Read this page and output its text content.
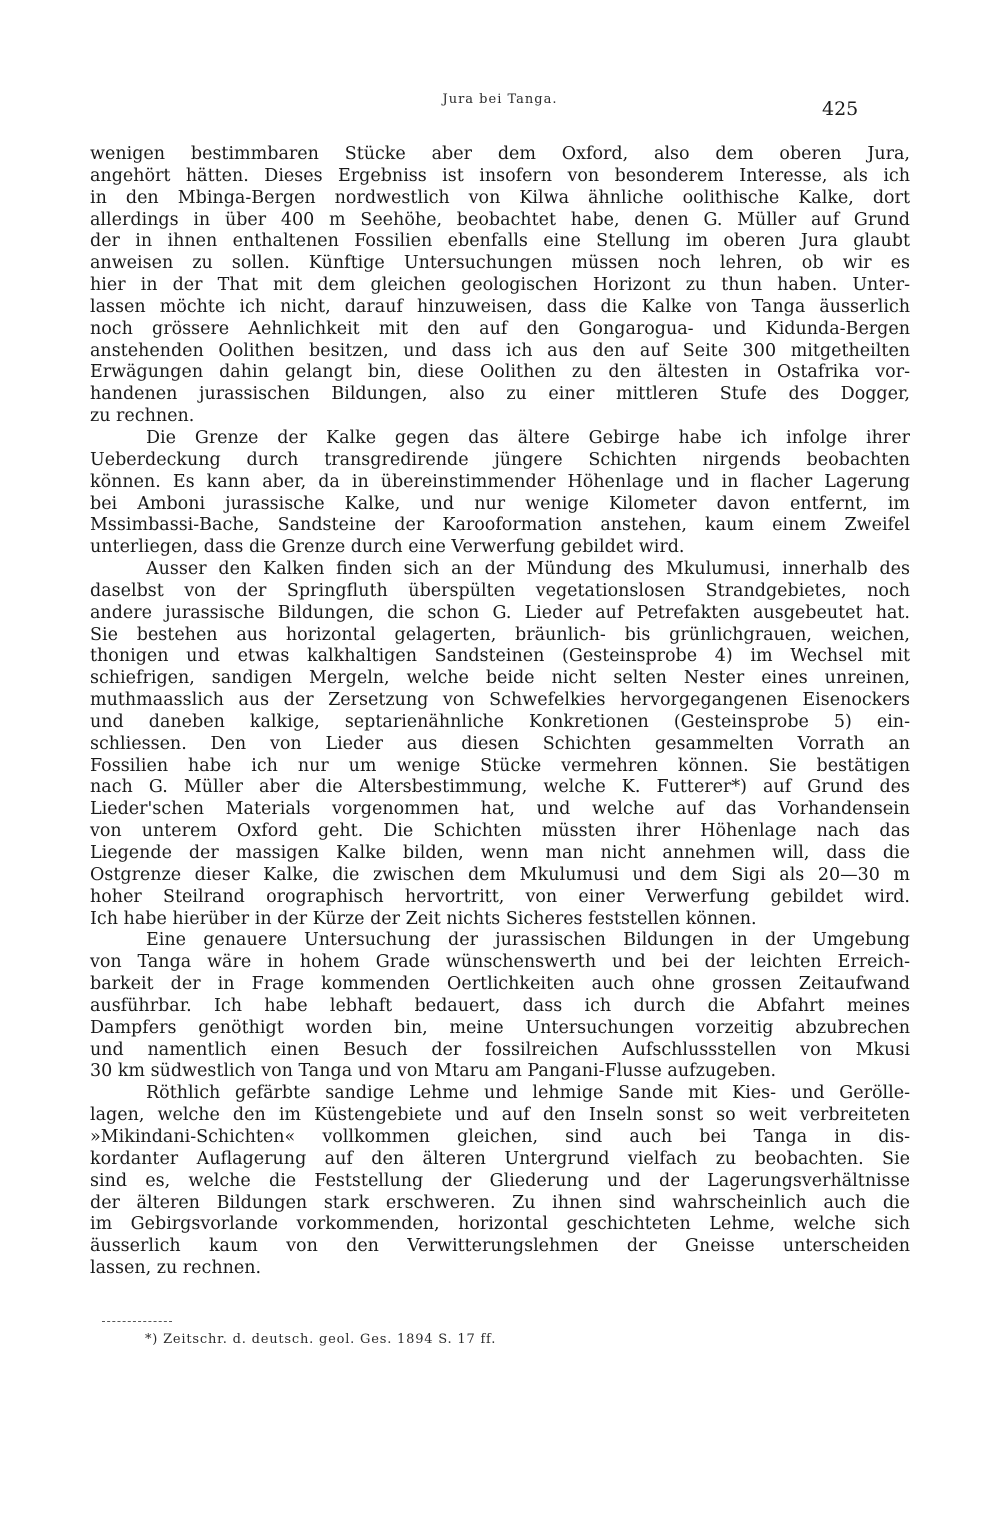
Jura bei Tanga.	425
wenigen bestimmbaren Stücke aber dem Oxford, also dem oberen Jura,
angehört hätten. Dieses Ergebniss ist insofern von besonderem Interesse, als ich
in den Mbinga-Bergen nordwestlich von Kilwa ähnliche oolithische Kalke, dort
allerdings in über 400 m Seehöhe, beobachtet habe, denen G. Müller auf Grund
der in ihnen enthaltenen Fossilien ebenfalls eine Stellung im oberen Jura glaubt
anweisen zu sollen. Künftige Untersuchungen müssen noch lehren, ob wir es
hier in der That mit dem gleichen geologischen Horizont zu thun haben. Unter-
lassen möchte ich nicht, darauf hinzuweisen, dass die Kalke von Tanga äusserlich
noch grössere Aehnlichkeit mit den auf den Gongarogua- und Kidunda-Bergen
anstehenden Oolithen besitzen, und dass ich aus den auf Seite 300 mitgetheilten
Erwägungen dahin gelangt bin, diese Oolithen zu den ältesten in Ostafrika vor-
handenen jurassischen Bildungen, also zu einer mittleren Stufe des Dogger,
zu rechnen.
Die Grenze der Kalke gegen das ältere Gebirge habe ich infolge ihrer
Ueberdeckung durch transgredirende jüngere Schichten nirgends beobachten
können. Es kann aber, da in übereinstimmender Höhenlage und in flacher Lagerung
bei Amboni jurassische Kalke, und nur wenige Kilometer davon entfernt, im
Mssimbassi-Bache, Sandsteine der Karooformation anstehen, kaum einem Zweifel
unterliegen, dass die Grenze durch eine Verwerfung gebildet wird.
Ausser den Kalken finden sich an der Mündung des Mkulumusi, innerhalb des
daselbst von der Springfluth überspülten vegetationslosen Strandgebietes, noch
andere jurassische Bildungen, die schon G. Lieder auf Petrefakten ausgebeutet hat.
Sie bestehen aus horizontal gelagerten, bräunlich- bis grünlichgrauen, weichen,
thonigen und etwas kalkhaltigen Sandsteinen (Gesteinsprobe 4) im Wechsel mit
schiefrigen, sandigen Mergeln, welche beide nicht selten Nester eines unreinen,
muthmaasslich aus der Zersetzung von Schwefelkies hervorgegangenen Eisenockers
und daneben kalkige, septarienähnliche Konkretionen (Gesteinsprobe 5) ein-
schliessen. Den von Lieder aus diesen Schichten gesammelten Vorrath an
Fossilien habe ich nur um wenige Stücke vermehren können. Sie bestätigen
nach G. Müller aber die Altersbestimmung, welche K. Futterer*) auf Grund des
Lieder'schen Materials vorgenommen hat, und welche auf das Vorhandensein
von unterem Oxford geht. Die Schichten müssten ihrer Höhenlage nach das
Liegende der massigen Kalke bilden, wenn man nicht annehmen will, dass die
Ostgrenze dieser Kalke, die zwischen dem Mkulumusi und dem Sigi als 20—30 m
hoher Steilrand orographisch hervortritt, von einer Verwerfung gebildet wird.
Ich habe hierüber in der Kürze der Zeit nichts Sicheres feststellen können.
Eine genauere Untersuchung der jurassischen Bildungen in der Umgebung
von Tanga wäre in hohem Grade wünschenswerth und bei der leichten Erreich-
barkeit der in Frage kommenden Oertlichkeiten auch ohne grossen Zeitaufwand
ausführbar. Ich habe lebhaft bedauert, dass ich durch die Abfahrt meines
Dampfers genöthigt worden bin, meine Untersuchungen vorzeitig abzubrechen
und namentlich einen Besuch der fossilreichen Aufschlussstellen von Mkusi
30 km südwestlich von Tanga und von Mtaru am Pangani-Flusse aufzugeben.
Röthlich gefärbte sandige Lehme und lehmige Sande mit Kies- und Gerölle-
lagen, welche den im Küstengebiete und auf den Inseln sonst so weit verbreiteten
»Mikindani-Schichten« vollkommen gleichen, sind auch bei Tanga in dis-
kordanter Auflagerung auf den älteren Untergrund vielfach zu beobachten. Sie
sind es, welche die Feststellung der Gliederung und der Lagerungsverhältnisse
der älteren Bildungen stark erschweren. Zu ihnen sind wahrscheinlich auch die
im Gebirgsvorlande vorkommenden, horizontal geschichteten Lehme, welche sich
äusserlich kaum von den Verwitterungslehmen der Gneisse unterscheiden
lassen, zu rechnen.
*) Zeitschr. d. deutsch. geol. Ges. 1894 S. 17 ff.
